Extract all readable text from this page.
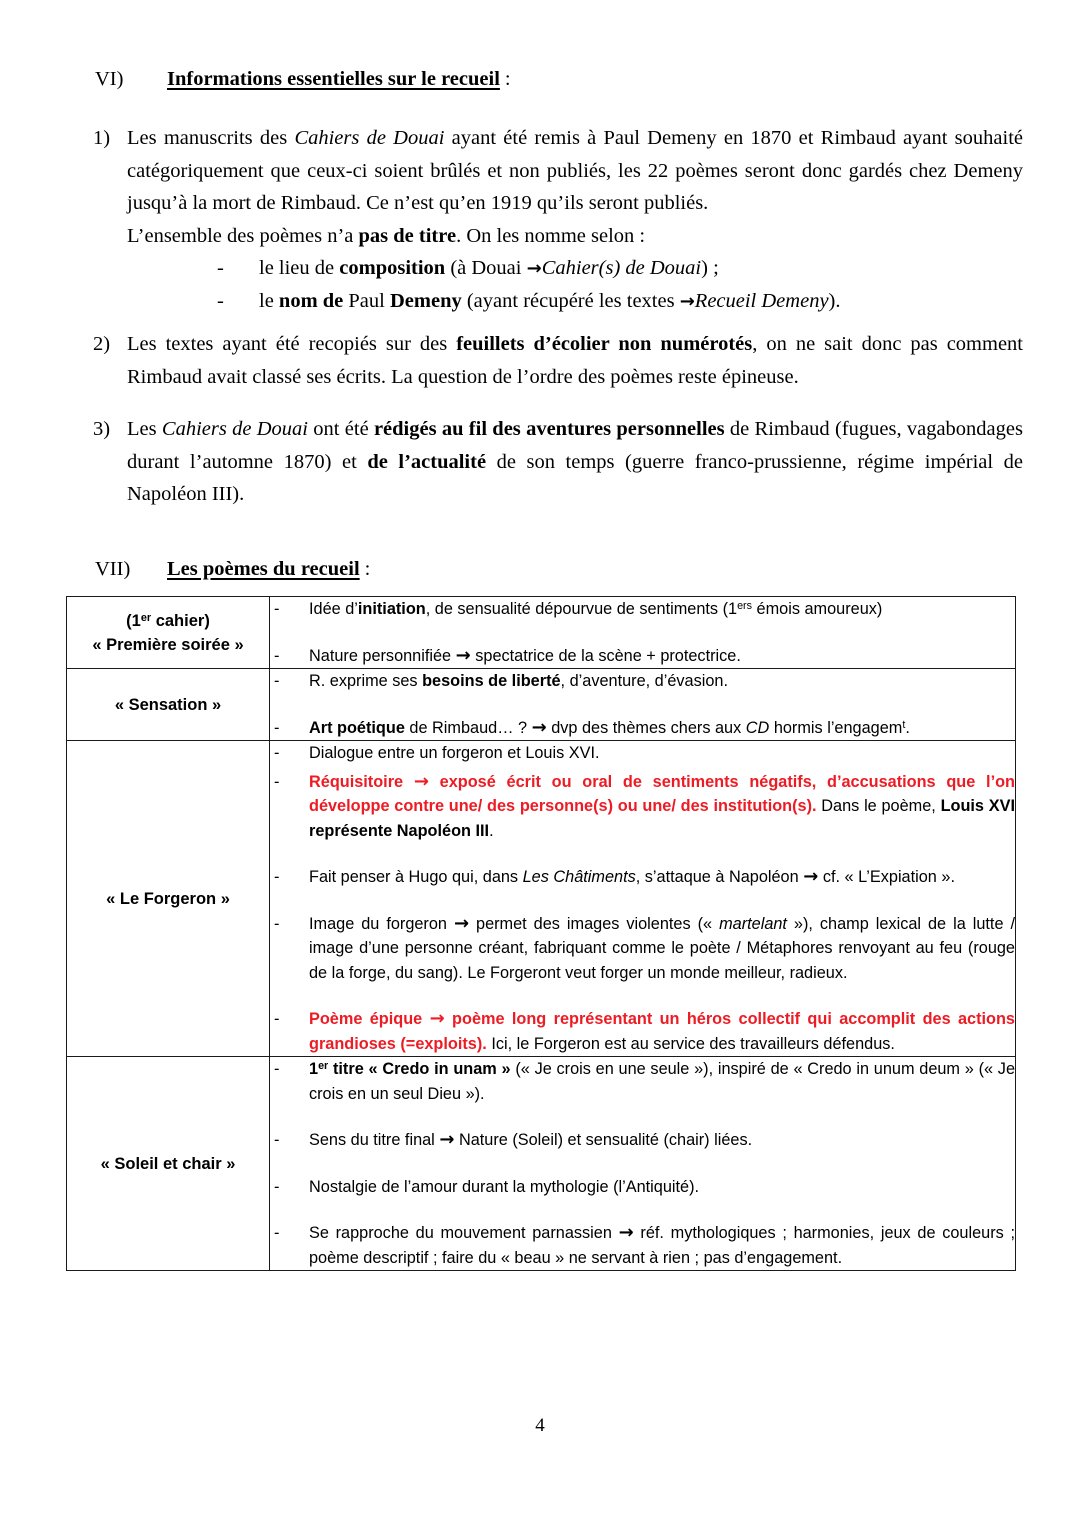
VI)	Informations essentielles sur le recueil :
1) Les manuscrits des Cahiers de Douai ayant été remis à Paul Demeny en 1870 et Rimbaud ayant souhaité catégoriquement que ceux-ci soient brûlés et non publiés, les 22 poèmes seront donc gardés chez Demeny jusqu’à la mort de Rimbaud. Ce n’est qu’en 1919 qu’ils seront publiés.

L’ensemble des poèmes n’a pas de titre. On les nomme selon :

-	le lieu de composition (à Douai →Cahier(s) de Douai) ;
-	le nom de Paul Demeny (ayant récupéré les textes →Recueil Demeny).
2) Les textes ayant été recopiés sur des feuillets d’écolier non numérotés, on ne sait donc pas comment Rimbaud avait classé ses écrits. La question de l’ordre des poèmes reste épineuse.

3) Les Cahiers de Douai ont été rédigés au fil des aventures personnelles de Rimbaud (fugues, vagabondages durant l’automne 1870) et de l’actualité de son temps (guerre franco-prussienne, régime impérial de Napoléon III).

VII)	Les poèmes du recueil :
(1er cahier)
« Première soirée »

-	Idée d’initiation, de sensualité dépourvue de sentiments (1ers émois amoureux)
-	Nature personnifiée → spectatrice de la scène + protectrice.

« Sensation »	- R. exprime ses besoins de liberté, d’aventure, d’évasion.
- Art poétique de Rimbaud… ? → dvp des thèmes chers aux CD hormis l’engagem$^t$.

« Le Forgeron »

-	Dialogue entre un forgeron et Louis XVI.
-	Réquisitoire → exposé écrit ou oral de sentiments négatifs, d’accusations que l’on développe contre une/ des personne(s) ou une/ des institution(s). Dans le poème, Louis XVI représente Napoléon III.
-	Fait penser à Hugo qui, dans Les Châtiments, s’attaque à Napoléon → cf. « L’Expiation ».
-	Image du forgeron → permet des images violentes (« martelant »), champ lexical de la lutte / image d’une personne créant, fabriquant comme le poète / Métaphores renvoyant au feu (rouge de la forge, du sang). Le Forgeront veut forger un monde meilleur, radieux.
-	Poème épique → poème long représentant un héros collectif qui accomplit des actions grandioses (=exploits). Ici, le Forgeron est au service des travailleurs défendus.

« Soleil et chair »

-	1er titre « Credo in unam » (« Je crois en une seule »), inspiré de « Credo in unum deum » (« Je crois en un seul Dieu »).
-	Sens du titre final → Nature (Soleil) et sensualité (chair) liées.
-	Nostalgie de l’amour durant la mythologie (l’Antiquité).
-	Se rapproche du mouvement parnassien → réf. mythologiques ; harmonies, jeux de couleurs ; poème descriptif ; faire du « beau » ne servant à rien ; pas d’engagement.
4
